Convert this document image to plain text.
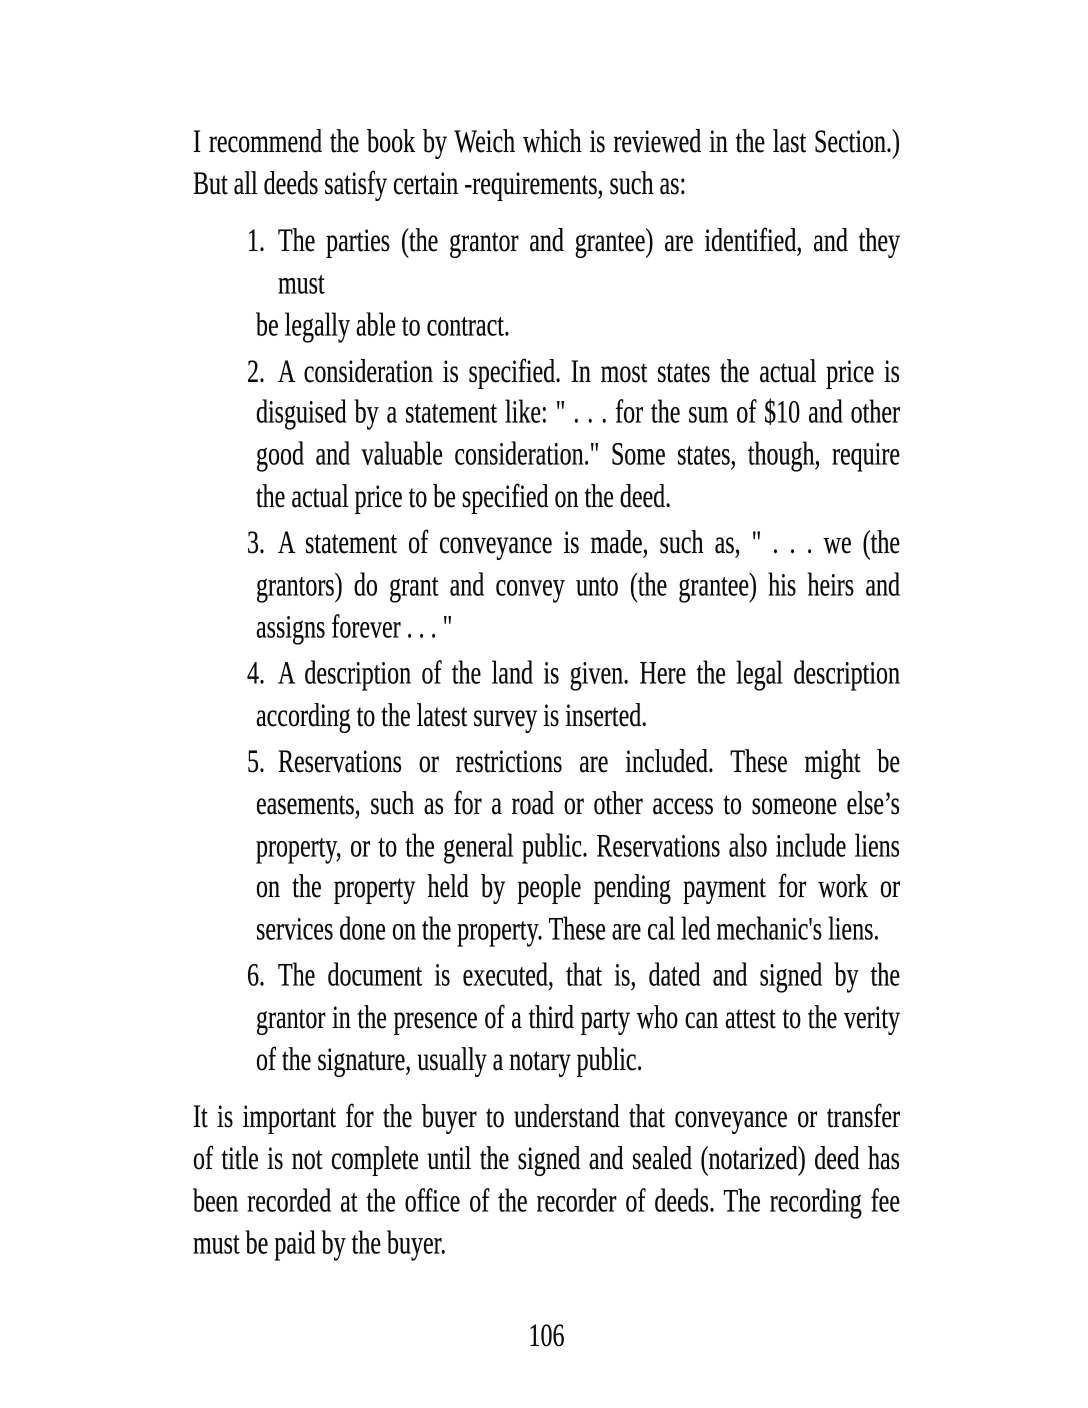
I recommend the book by Weich which is reviewed in the last Section.)
But all deeds satisfy certain -requirements, such as:
1. The parties (the grantor and grantee) are identified, and they must
be legally able to contract.
2. A consideration is specified. In most states the actual price is
disguised by a statement like: " . . . for the sum of $10 and other
good and valuable consideration." Some states, though, require
the actual price to be specified on the deed.
3. A statement of conveyance is made, such as, " . . . we (the
grantors) do grant and convey unto (the grantee) his heirs and
assigns forever . . . "
4. A description of the land is given. Here the legal description
according to the latest survey is inserted.
5. Reservations or restrictions are included. These might be
easements, such as for a road or other access to someone else’s
property, or to the general public. Reservations also include liens
on the property held by people pending payment for work or
services done on the property. These are cal led mechanic's liens.
6. The document is executed, that is, dated and signed by the
grantor in the presence of a third party who can attest to the verity
of the signature, usually a notary public.
It is important for the buyer to understand that conveyance or transfer
of title is not complete until the signed and sealed (notarized) deed has
been recorded at the office of the recorder of deeds. The recording fee
must be paid by the buyer.
106
